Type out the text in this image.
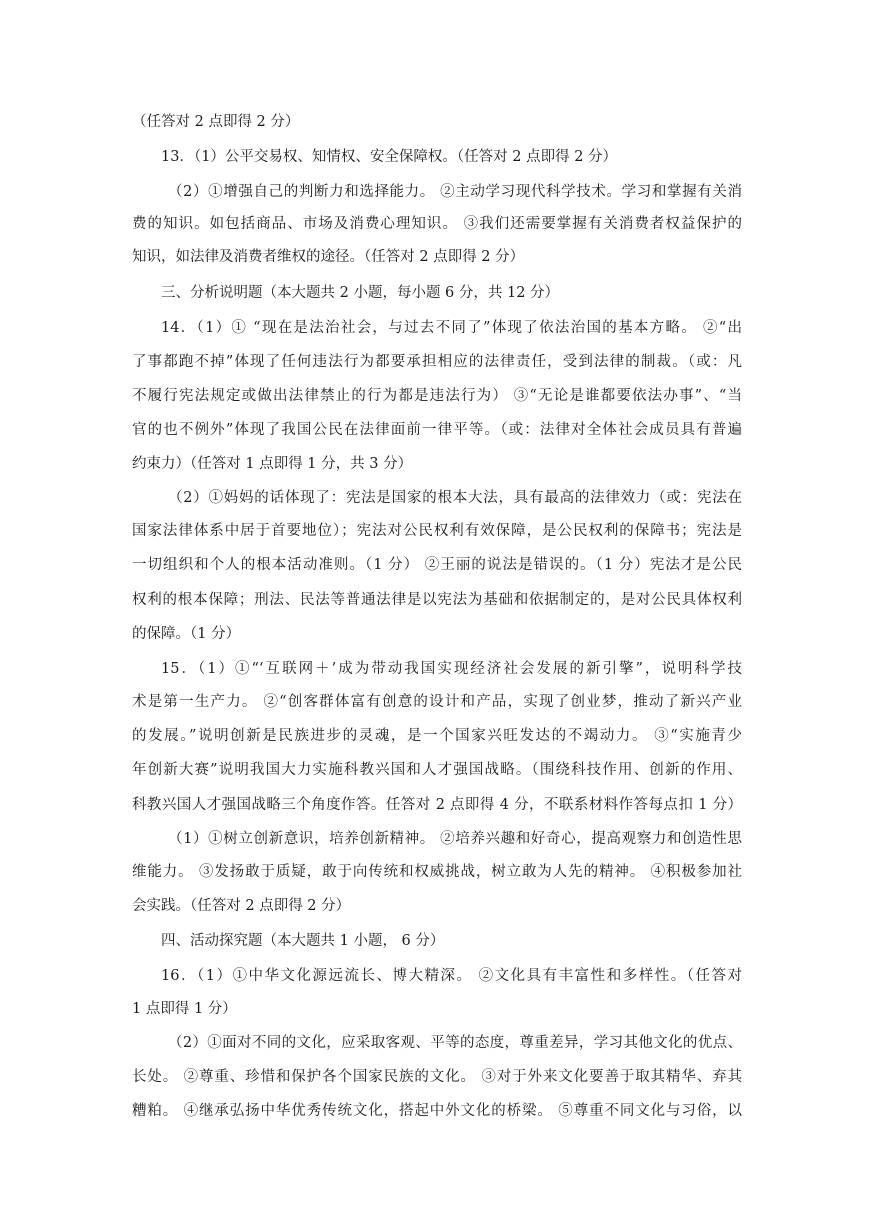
（任答对 2 点即得 2 分）
13．（1）公平交易权、知情权、安全保障权。（任答对 2 点即得 2 分）
（2）①增强自己的判断力和选择能力。 ②主动学习现代科学技术。学习和掌握有关消
费的知识。如包括商品、市场及消费心理知识。 ③我们还需要掌握有关消费者权益保护的
知识，如法律及消费者维权的途径。（任答对 2 点即得 2 分）
三、分析说明题（本大题共 2 小题，每小题 6 分，共 12 分）
14．（1）① “现在是法治社会，与过去不同了”体现了依法治国的基本方略。 ②“出
了事都跑不掉”体现了任何违法行为都要承担相应的法律责任，受到法律的制裁。（或：凡
不履行宪法规定或做出法律禁止的行为都是违法行为） ③“无论是谁都要依法办事”、“当
官的也不例外”体现了我国公民在法律面前一律平等。（或：法律对全体社会成员具有普遍
约束力）（任答对 1 点即得 1 分，共 3 分）
（2）①妈妈的话体现了：宪法是国家的根本大法，具有最高的法律效力（或：宪法在
国家法律体系中居于首要地位）；宪法对公民权利有效保障，是公民权利的保障书；宪法是
一切组织和个人的根本活动准则。（1 分） ②王丽的说法是错误的。（1 分）宪法才是公民
权利的根本保障；刑法、民法等普通法律是以宪法为基础和依据制定的，是对公民具体权利
的保障。（1 分）
15．（1）①“‘互联网＋’成为带动我国实现经济社会发展的新引擎”，说明科学技
术是第一生产力。 ②“创客群体富有创意的设计和产品，实现了创业梦，推动了新兴产业
的发展。”说明创新是民族进步的灵魂，是一个国家兴旺发达的不竭动力。 ③“实施青少
年创新大赛”说明我国大力实施科教兴国和人才强国战略。（围绕科技作用、创新的作用、
科教兴国人才强国战略三个角度作答。任答对 2 点即得 4 分，不联系材料作答每点扣 1 分）
（1）①树立创新意识，培养创新精神。 ②培养兴趣和好奇心，提高观察力和创造性思
维能力。 ③发扬敢于质疑，敢于向传统和权威挑战，树立敢为人先的精神。 ④积极参加社
会实践。（任答对 2 点即得 2 分）
四、活动探究题（本大题共 1 小题， 6 分）
16．（1）①中华文化源远流长、博大精深。 ②文化具有丰富性和多样性。（任答对
1 点即得 1 分）
（2）①面对不同的文化，应采取客观、平等的态度，尊重差异，学习其他文化的优点、
长处。 ②尊重、珍惜和保护各个国家民族的文化。 ③对于外来文化要善于取其精华、弃其
糟粕。 ④继承弘扬中华优秀传统文化，搭起中外文化的桥梁。 ⑤尊重不同文化与习俗，以
